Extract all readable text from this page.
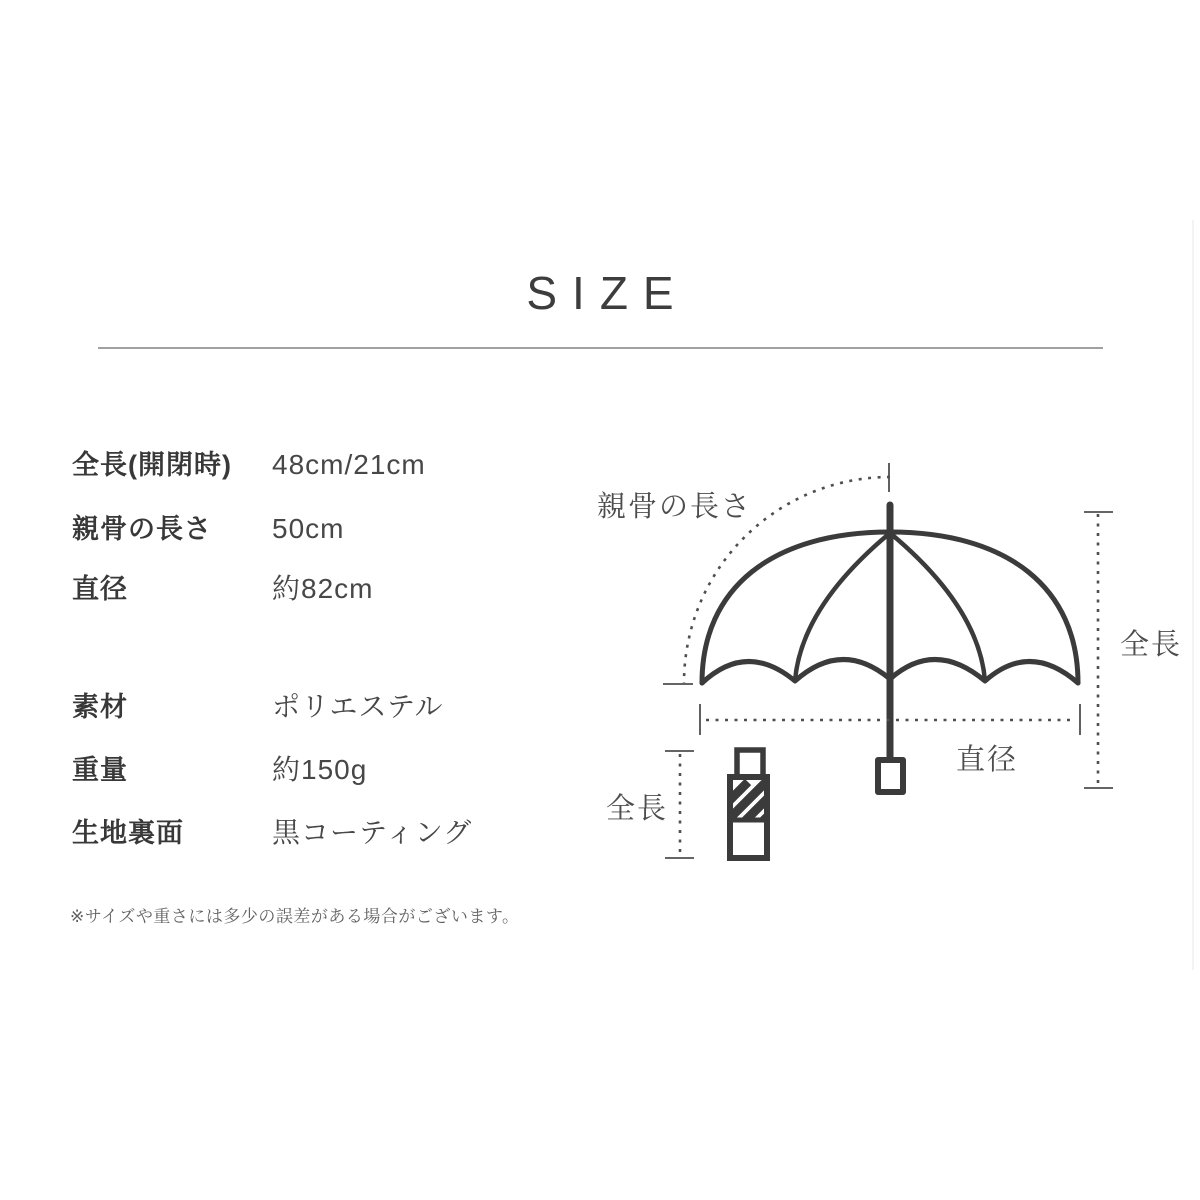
SIZE
全長(開閉時) 48cm/21cm
親骨の長さ 50cm
直径	約82cm
素材	ポリエステル
重量	約150g
生地裏面	黒コーティング
※サイズや重さには多少の誤差がある場合がございます。
親骨の長さ
全長
直径
全長
